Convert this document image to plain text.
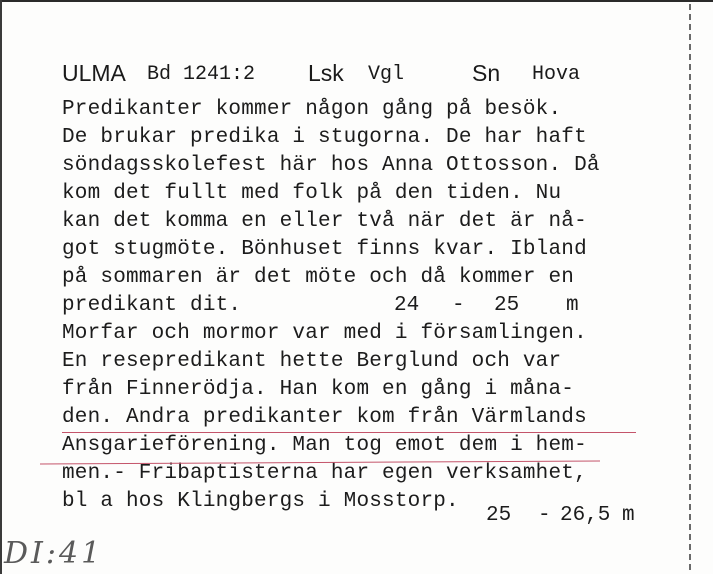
ULMA Bd 1241:2 Lsk Vgl	Sn Hova
Predikanter kommer någon gång på besök.
De brukar predika i stugorna. De har haft
söndagsskolefest här hos Anna Ottosson. Då
kom det fullt med folk på den tiden. Nu
kan det komma en eller två när det är nå-
got stugmöte. Bönhuset finns kvar. Ibland
på sommaren är det möte och då kommer en
predikant dit.	24 - 25 m
Morfar och mormor var med i församlingen.
En resepredikant hette Berglund och var
från Finnerödja. Han kom en gång i måna-
den. Andra predikanter kom från Värmlands
Ansgarieförening. Man tog emot dem i hem-
men.- Fribaptisterna har egen verksamhet,
bl a hos Klingbergs i Mosstorp.
25 - 26,5 m
DI:41
